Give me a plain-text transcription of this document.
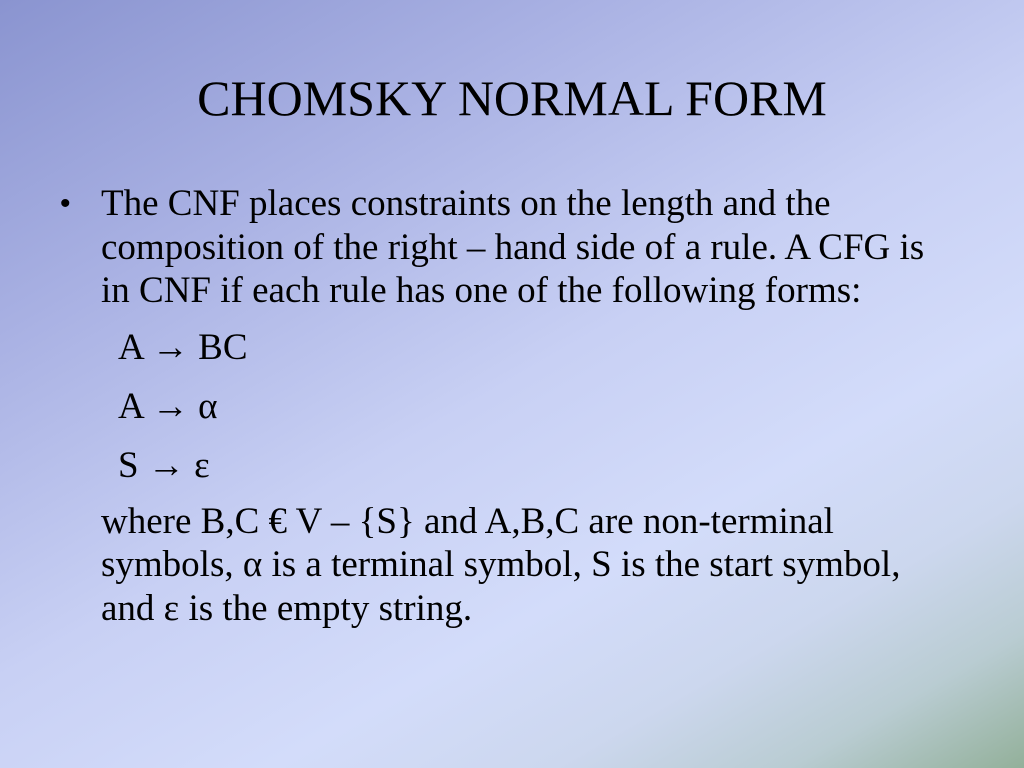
CHOMSKY NORMAL FORM
• The CNF places constraints on the length and the composition of the right – hand side of a rule. A CFG is in CNF if each rule has one of the following forms:
A → BC
A → α
S → ε
where B,C € V – {S} and A,B,C are non-terminal symbols, α is a terminal symbol, S is the start symbol, and ε is the empty string.
